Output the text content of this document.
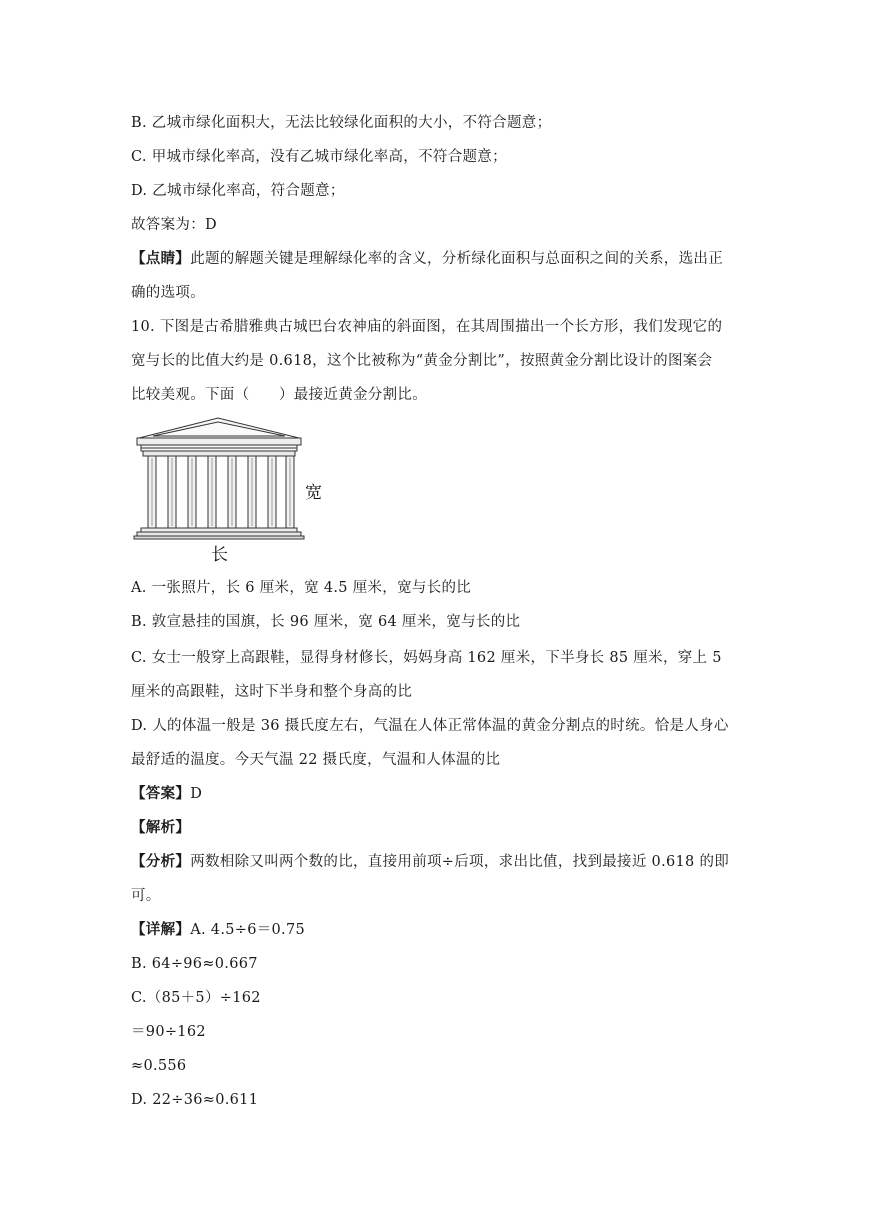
B. 乙城市绿化面积大，无法比较绿化面积的大小，不符合题意；
C. 甲城市绿化率高，没有乙城市绿化率高，不符合题意；
D. 乙城市绿化率高，符合题意；
故答案为：D
【点睛】此题的解题关键是理解绿化率的含义，分析绿化面积与总面积之间的关系，选出正
确的选项。
10. 下图是古希腊雅典古城巴台农神庙的斜面图，在其周围描出一个长方形，我们发现它的
宽与长的比值大约是 0.618，这个比被称为“黄金分割比”，按照黄金分割比设计的图案会
比较美观。下面（　　）最接近黄金分割比。
宽
长
A. 一张照片，长 6 厘米，宽 4.5 厘米，宽与长的比
B. 敦宣悬挂的国旗，长 96 厘米，宽 64 厘米，宽与长的比
C. 女士一般穿上高跟鞋，显得身材修长，妈妈身高 162 厘米，下半身长 85 厘米，穿上 5
厘米的高跟鞋，这时下半身和整个身高的比
D. 人的体温一般是 36 摄氏度左右，气温在人体正常体温的黄金分割点的时统。恰是人身心
最舒适的温度。今天气温 22 摄氏度，气温和人体温的比
【答案】D
【解析】
【分析】两数相除又叫两个数的比，直接用前项÷后项，求出比值，找到最接近 0.618 的即
可。
【详解】A. 4.5÷6＝0.75
B. 64÷96≈0.667
C.（85＋5）÷162
＝90÷162
≈0.556
D. 22÷36≈0.611
